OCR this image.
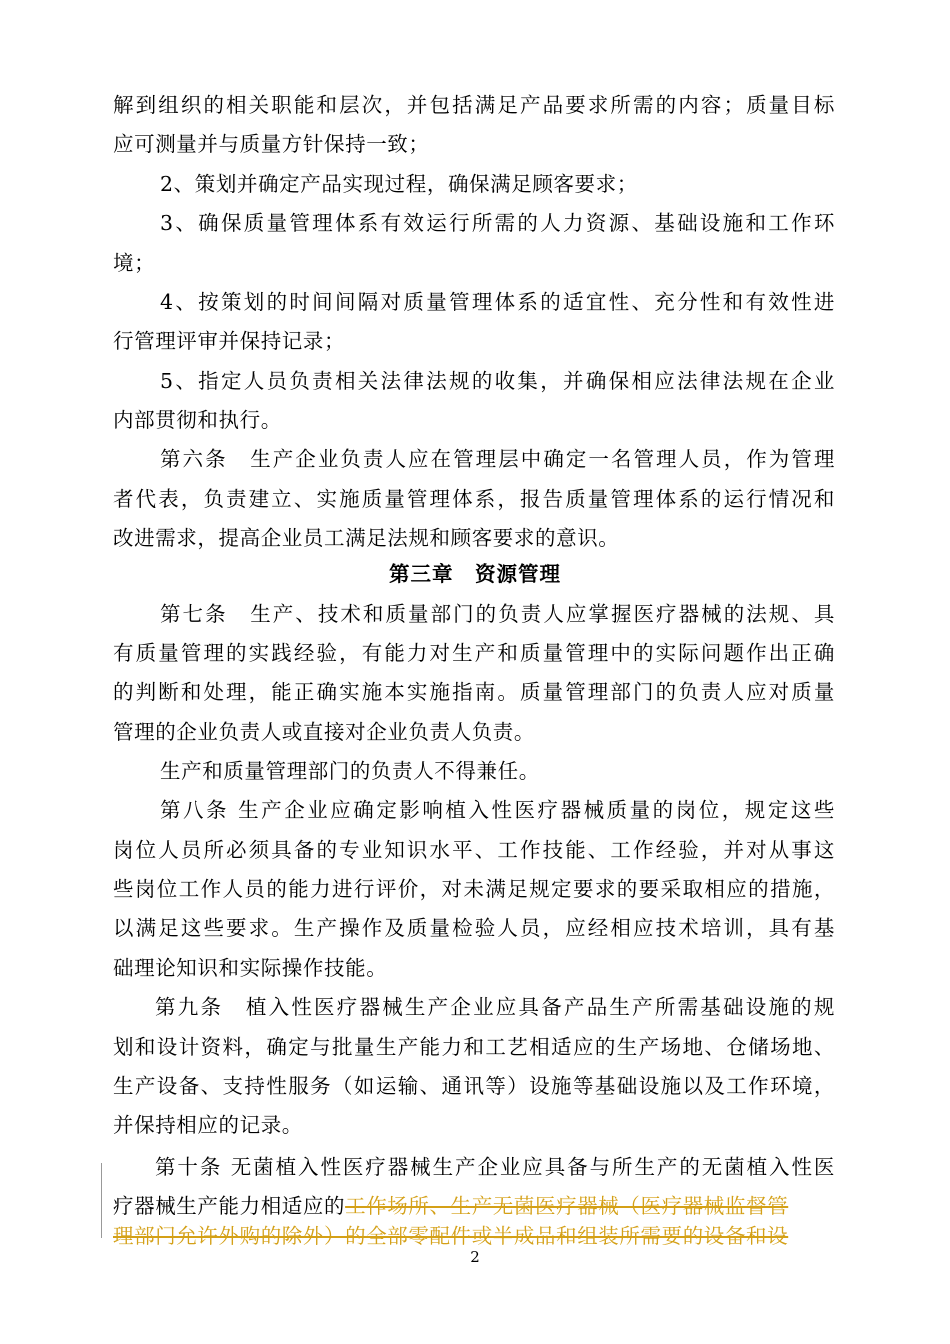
解到组织的相关职能和层次，并包括满足产品要求所需的内容；质量目标
应可测量并与质量方针保持一致；
2、策划并确定产品实现过程，确保满足顾客要求；
3、确保质量管理体系有效运行所需的人力资源、基础设施和工作环
境；
4、按策划的时间间隔对质量管理体系的适宜性、充分性和有效性进
行管理评审并保持记录；
5、指定人员负责相关法律法规的收集，并确保相应法律法规在企业
内部贯彻和执行。
第六条　生产企业负责人应在管理层中确定一名管理人员，作为管理
者代表，负责建立、实施质量管理体系，报告质量管理体系的运行情况和
改进需求，提高企业员工满足法规和顾客要求的意识。
第三章　资源管理
第七条　生产、技术和质量部门的负责人应掌握医疗器械的法规、具
有质量管理的实践经验，有能力对生产和质量管理中的实际问题作出正确
的判断和处理，能正确实施本实施指南。质量管理部门的负责人应对质量
管理的企业负责人或直接对企业负责人负责。
生产和质量管理部门的负责人不得兼任。
第八条 生产企业应确定影响植入性医疗器械质量的岗位，规定这些
岗位人员所必须具备的专业知识水平、工作技能、工作经验，并对从事这
些岗位工作人员的能力进行评价，对未满足规定要求的要采取相应的措施，
以满足这些要求。生产操作及质量检验人员，应经相应技术培训，具有基
础理论知识和实际操作技能。
第九条　植入性医疗器械生产企业应具备产品生产所需基础设施的规
划和设计资料，确定与批量生产能力和工艺相适应的生产场地、仓储场地、
生产设备、支持性服务（如运输、通讯等）设施等基础设施以及工作环境，
并保持相应的记录。
第十条 无菌植入性医疗器械生产企业应具备与所生产的无菌植入性医
疗器械生产能力相适应的工作场所、生产无菌医疗器械（医疗器械监督管
理部门允许外购的除外）的全部零配件或半成品和组装所需要的设备和设
2
